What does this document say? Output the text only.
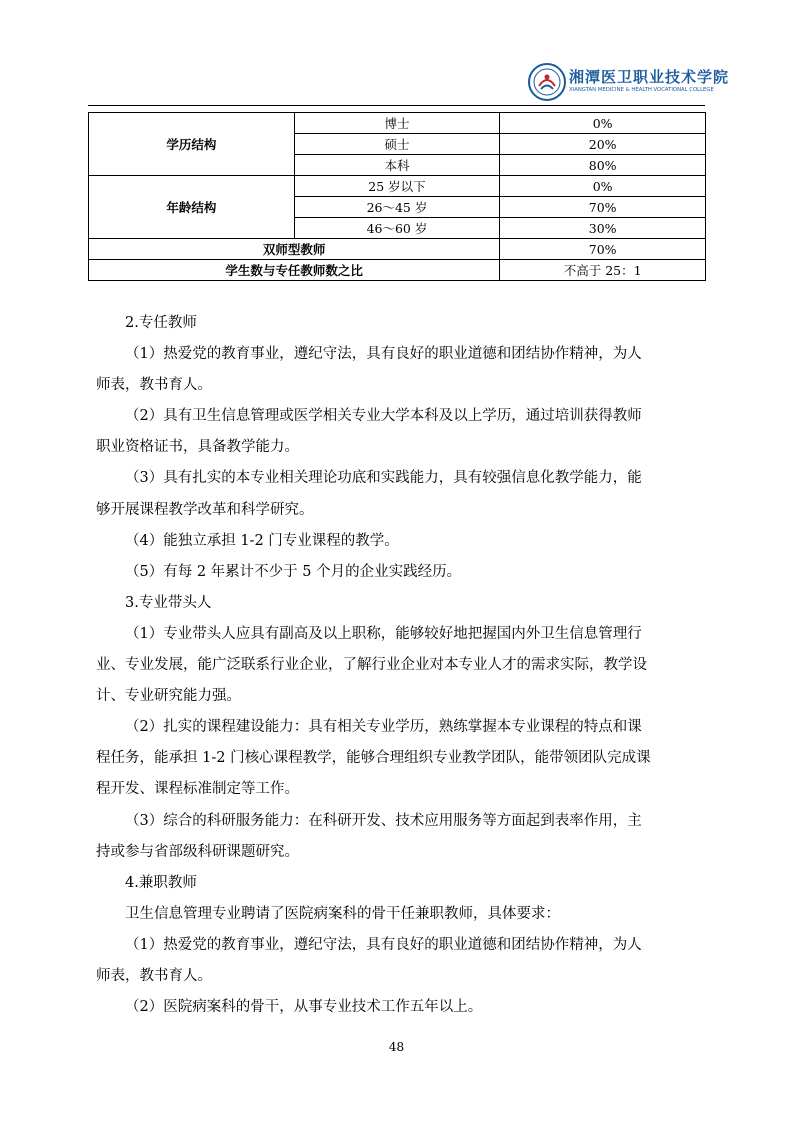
湘潭医卫职业技术学院
XIANGTAN MEDICINE & HEALTH VOCATIONAL COLLEGE
学历结构	博士	0%
	硕士	20%
	本科	80%
年龄结构	25 岁以下	0%
	26～45 岁	70%
	46～60 岁	30%
双师型教师		70%
学生数与专任教师数之比		不高于 25：1
2.专任教师
（1）热爱党的教育事业，遵纪守法，具有良好的职业道德和团结协作精神，为人
师表，教书育人。
（2）具有卫生信息管理或医学相关专业大学本科及以上学历，通过培训获得教师
职业资格证书，具备教学能力。
（3）具有扎实的本专业相关理论功底和实践能力，具有较强信息化教学能力，能
够开展课程教学改革和科学研究。
（4）能独立承担 1-2 门专业课程的教学。
（5）有每 2 年累计不少于 5 个月的企业实践经历。
3.专业带头人
（1）专业带头人应具有副高及以上职称，能够较好地把握国内外卫生信息管理行
业、专业发展，能广泛联系行业企业，了解行业企业对本专业人才的需求实际，教学设
计、专业研究能力强。
（2）扎实的课程建设能力：具有相关专业学历，熟练掌握本专业课程的特点和课
程任务，能承担 1-2 门核心课程教学，能够合理组织专业教学团队，能带领团队完成课
程开发、课程标准制定等工作。
（3）综合的科研服务能力：在科研开发、技术应用服务等方面起到表率作用，主
持或参与省部级科研课题研究。
4.兼职教师
卫生信息管理专业聘请了医院病案科的骨干任兼职教师，具体要求：
（1）热爱党的教育事业，遵纪守法，具有良好的职业道德和团结协作精神，为人
师表，教书育人。
（2）医院病案科的骨干，从事专业技术工作五年以上。
48
